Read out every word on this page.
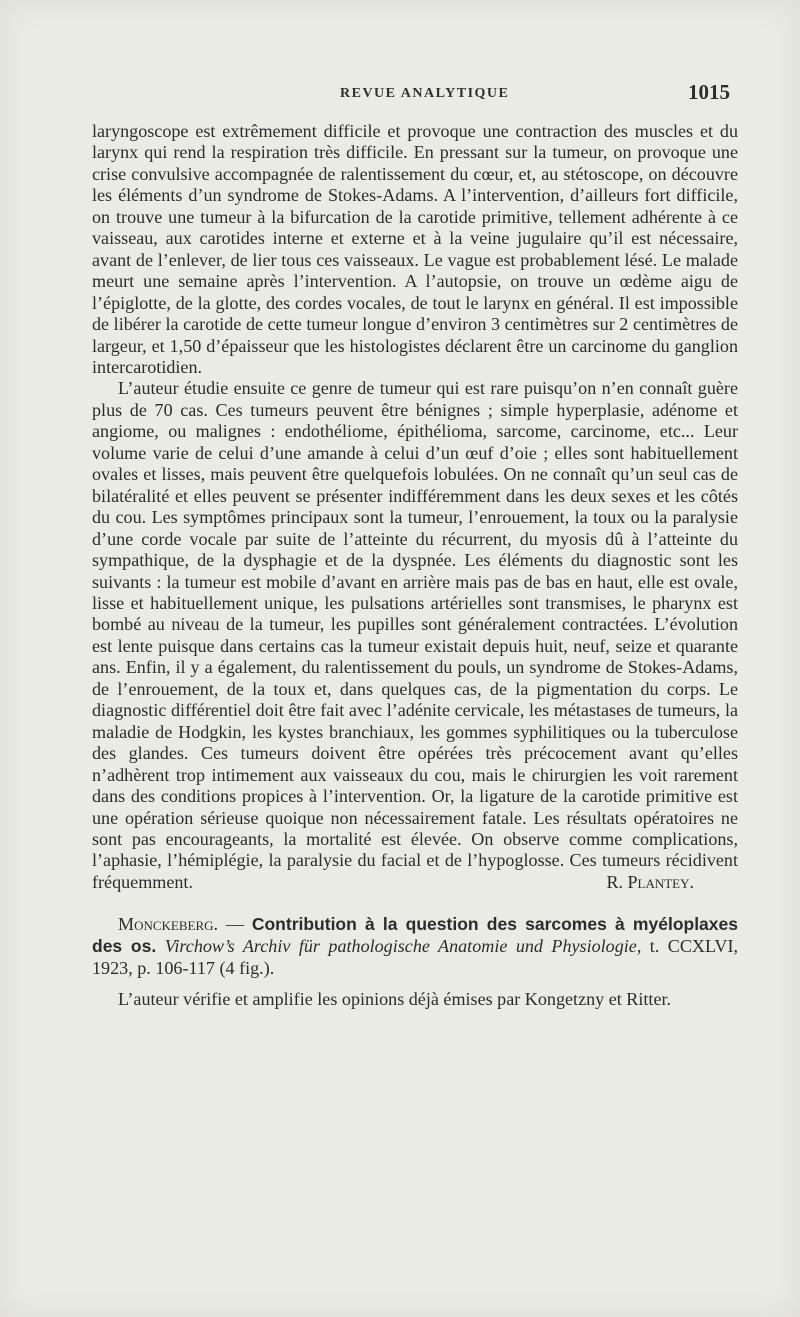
REVUE ANALYTIQUE	1015

laryngoscope est extrêmement difficile et provoque une contraction des muscles et du larynx qui rend la respiration très difficile. En pressant sur la tumeur, on provoque une crise convulsive accompagnée de ralentissement du cœur, et, au stétoscope, on découvre les éléments d’un syndrome de Stokes-Adams. A l’intervention, d’ailleurs fort difficile, on trouve une tumeur à la bifurcation de la carotide primitive, tellement adhérente à ce vaisseau, aux carotides interne et externe et à la veine jugulaire qu’il est nécessaire, avant de l’enlever, de lier tous ces vaisseaux. Le vague est probablement lésé. Le malade meurt une semaine après l’intervention. A l’autopsie, on trouve un œdème aigu de l’épiglotte, de la glotte, des cordes vocales, de tout le larynx en général. Il est impossible de libérer la carotide de cette tumeur longue d’environ 3 centimètres sur 2 centimètres de largeur, et 1,50 d’épaisseur que les histologistes déclarent être un carcinome du ganglion intercarotidien.

L’auteur étudie ensuite ce genre de tumeur qui est rare puisqu’on n’en connaît guère plus de 70 cas. Ces tumeurs peuvent être bénignes ; simple hyperplasie, adénome et angiome, ou malignes : endothéliome, épithélioma, sarcome, carcinome, etc... Leur volume varie de celui d’une amande à celui d’un œuf d’oie ; elles sont habituellement ovales et lisses, mais peuvent être quelquefois lobulées. On ne connaît qu’un seul cas de bilatéralité et elles peuvent se présenter indifféremment dans les deux sexes et les côtés du cou. Les symptômes principaux sont la tumeur, l’enrouement, la toux ou la paralysie d’une corde vocale par suite de l’atteinte du récurrent, du myosis dû à l’atteinte du sympathique, de la dysphagie et de la dyspnée. Les éléments du diagnostic sont les suivants : la tumeur est mobile d’avant en arrière mais pas de bas en haut, elle est ovale, lisse et habituellement unique, les pulsations artérielles sont transmises, le pharynx est bombé au niveau de la tumeur, les pupilles sont généralement contractées. L’évolution est lente puisque dans certains cas la tumeur existait depuis huit, neuf, seize et quarante ans. Enfin, il y a également, du ralentissement du pouls, un syndrome de Stokes-Adams, de l’enrouement, de la toux et, dans quelques cas, de la pigmentation du corps. Le diagnostic différentiel doit être fait avec l’adénite cervicale, les métastases de tumeurs, la maladie de Hodgkin, les kystes branchiaux, les gommes syphilitiques ou la tuberculose des glandes. Ces tumeurs doivent être opérées très précocement avant qu’elles n’adhèrent trop intimement aux vaisseaux du cou, mais le chirurgien les voit rarement dans des conditions propices à l’intervention. Or, la ligature de la carotide primitive est une opération sérieuse quoique non nécessairement fatale. Les résultats opératoires ne sont pas encourageants, la mortalité est élevée. On observe comme complications, l’aphasie, l’hémiplégie, la paralysie du facial et de l’hypoglosse. Ces tumeurs récidivent fréquemment.	R. Plantey.

Monckeberg. — Contribution à la question des sarcomes à myéloplaxes des os. Virchow’s Archiv für pathologische Anatomie und Physiologie, t. CCXLVI, 1923, p. 106-117 (4 fig.).

L’auteur vérifie et amplifie les opinions déjà émises par Kongetzny et Ritter.
